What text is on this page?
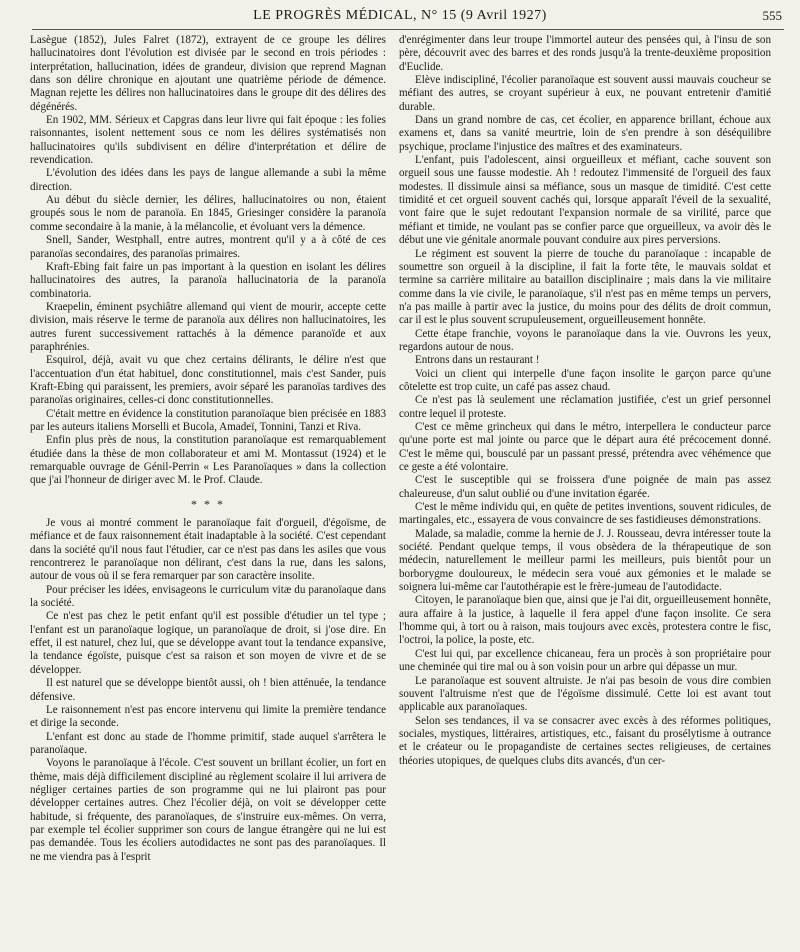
LE PROGRÈS MÉDICAL, N° 15 (9 Avril 1927)	555

Lasègue (1852), Jules Falret (1872), extrayent de ce groupe les délires hallucinatoires dont l'évolution est divisée par le second en trois périodes : interprétation, hallucination, idées de grandeur, division que reprend Magnan dans son délire chronique en ajoutant une quatrième période de démence. Magnan rejette les délires non hallucinatoires dans le groupe dit des délires des dégénérés.

En 1902, MM. Sérieux et Capgras dans leur livre qui fait époque : les folies raisonnantes, isolent nettement sous ce nom les délires systématisés non hallucinatoires qu'ils subdivisent en délire d'interprétation et délire de revendication.

L'évolution des idées dans les pays de langue allemande a subi la même direction.

Au début du siècle dernier, les délires, hallucinatoires ou non, étaient groupés sous le nom de paranoïa. En 1845, Griesinger considère la paranoïa comme secondaire à la manie, à la mélancolie, et évoluant vers la démence.

Snell, Sander, Westphall, entre autres, montrent qu'il y a à côté de ces paranoïas secondaires, des paranoïas primaires.

Kraft-Ebing fait faire un pas important à la question en isolant les délires hallucinatoires des autres, la paranoïa hallucinatoria de la paranoïa combinatoria.

Kraepelin, éminent psychiâtre allemand qui vient de mourir, accepte cette division, mais réserve le terme de paranoïa aux délires non hallucinatoires, les autres furent successivement rattachés à la démence paranoïde et aux paraphrénies.

Esquirol, déjà, avait vu que chez certains délirants, le délire n'est que l'accentuation d'un état habituel, donc constitutionnel, mais c'est Sander, puis Kraft-Ebing qui paraissent, les premiers, avoir séparé les paranoïas tardives des paranoïas originaires, celles-ci donc constitutionnelles.

C'était mettre en évidence la constitution paranoïaque bien précisée en 1883 par les auteurs italiens Morselli et Bucola, Amadeï, Tonnini, Tanzi et Riva.

Enfin plus près de nous, la constitution paranoïaque est remarquablement étudiée dans la thèse de mon collaborateur et ami M. Montassut (1924) et le remarquable ouvrage de Génil-Perrin « Les Paranoïaques » dans la collection que j'ai l'honneur de diriger avec M. le Prof. Claude.

* * *

Je vous ai montré comment le paranoïaque fait d'orgueil, d'égoïsme, de méfiance et de faux raisonnement était inadaptable à la société. C'est cependant dans la société qu'il nous faut l'étudier, car ce n'est pas dans les asiles que vous rencontrerez le paranoïaque non délirant, c'est dans la rue, dans les salons, autour de vous où il se fera remarquer par son caractère insolite.

Pour préciser les idées, envisageons le curriculum vitæ du paranoïaque dans la société.

Ce n'est pas chez le petit enfant qu'il est possible d'étudier un tel type ; l'enfant est un paranoïaque logique, un paranoïaque de droit, si j'ose dire. En effet, il est naturel, chez lui, que se développe avant tout la tendance expansive, la tendance égoïste, puisque c'est sa raison et son moyen de vivre et de se développer.

Il est naturel que se développe bientôt aussi, oh ! bien atténuée, la tendance défensive.

Le raisonnement n'est pas encore intervenu qui limite la première tendance et dirige la seconde.

L'enfant est donc au stade de l'homme primitif, stade auquel s'arrêtera le paranoïaque.

Voyons le paranoïaque à l'école. C'est souvent un brillant écolier, un fort en thème, mais déjà difficilement discipliné au règlement scolaire il lui arrivera de négliger certaines parties de son programme qui ne lui plairont pas pour développer certaines autres. Chez l'écolier déjà, on voit se développer cette habitude, si fréquente, des paranoïaques, de s'instruire eux-mêmes. On verra, par exemple tel écolier supprimer son cours de langue étrangère qui ne lui est pas demandée. Tous les écoliers autodidactes ne sont pas des paranoïaques. Il ne me viendra pas à l'esprit

d'enrégimenter dans leur troupe l'immortel auteur des pensées qui, à l'insu de son père, découvrit avec des barres et des ronds jusqu'à la trente-deuxième proposition d'Euclide.

Elève indiscipliné, l'écolier paranoïaque est souvent aussi mauvais coucheur se méfiant des autres, se croyant supérieur à eux, ne pouvant entretenir d'amitié durable.

Dans un grand nombre de cas, cet écolier, en apparence brillant, échoue aux examens et, dans sa vanité meurtrie, loin de s'en prendre à son déséquilibre psychique, proclame l'injustice des maîtres et des examinateurs.

L'enfant, puis l'adolescent, ainsi orgueilleux et méfiant, cache souvent son orgueil sous une fausse modestie. Ah ! redoutez l'immensité de l'orgueil des faux modestes. Il dissimule ainsi sa méfiance, sous un masque de timidité. C'est cette timidité et cet orgueil souvent cachés qui, lorsque apparaît l'éveil de la sexualité, vont faire que le sujet redoutant l'expansion normale de sa virilité, parce que méfiant et timide, ne voulant pas se confier parce que orgueilleux, va avoir dès le début une vie génitale anormale pouvant conduire aux pires perversions.

Le régiment est souvent la pierre de touche du paranoïaque : incapable de soumettre son orgueil à la discipline, il fait la forte tête, le mauvais soldat et termine sa carrière militaire au bataillon disciplinaire ; mais dans la vie militaire comme dans la vie civile, le paranoïaque, s'il n'est pas en même temps un pervers, n'a pas maille à partir avec la justice, du moins pour des délits de droit commun, car il est le plus souvent scrupuleusement, orgueilleusement honnête.

Cette étape franchie, voyons le paranoïaque dans la vie. Ouvrons les yeux, regardons autour de nous.

Entrons dans un restaurant !

Voici un client qui interpelle d'une façon insolite le garçon parce qu'une côtelette est trop cuite, un café pas assez chaud.

Ce n'est pas là seulement une réclamation justifiée, c'est un grief personnel contre lequel il proteste.

C'est ce même grincheux qui dans le métro, interpellera le conducteur parce qu'une porte est mal jointe ou parce que le départ aura été précocement donné. C'est le même qui, bousculé par un passant pressé, prétendra avec véhémence que ce geste a été volontaire.

C'est le susceptible qui se froissera d'une poignée de main pas assez chaleureuse, d'un salut oublié ou d'une invitation égarée.

C'est le même individu qui, en quête de petites inventions, souvent ridicules, de martingales, etc., essayera de vous convaincre de ses fastidieuses démonstrations.

Malade, sa maladie, comme la hernie de J. J. Rousseau, devra intéresser toute la société. Pendant quelque temps, il vous obsèdera de la thérapeutique de son médecin, naturellement le meilleur parmi les meilleurs, puis bientôt pour un borborygme douloureux, le médecin sera voué aux gémonies et le malade se soignera lui-même car l'autothérapie est le frère-jumeau de l'autodidacte.

Citoyen, le paranoïaque bien que, ainsi que je l'ai dit, orgueilleusement honnête, aura affaire à la justice, à laquelle il fera appel d'une façon insolite. Ce sera l'homme qui, à tort ou à raison, mais toujours avec excès, protestera contre le fisc, l'octroi, la police, la poste, etc.

C'est lui qui, par excellence chicaneau, fera un procès à son propriétaire pour une cheminée qui tire mal ou à son voisin pour un arbre qui dépasse un mur.

Le paranoïaque est souvent altruiste. Je n'ai pas besoin de vous dire combien souvent l'altruisme n'est que de l'égoïsme dissimulé. Cette loi est avant tout applicable aux paranoïaques.

Selon ses tendances, il va se consacrer avec excès à des réformes politiques, sociales, mystiques, littéraires, artistiques, etc., faisant du prosélytisme à outrance et le créateur ou le propagandiste de certaines sectes religieuses, de certaines théories utopiques, de quelques clubs dits avancés, d'un cer-
